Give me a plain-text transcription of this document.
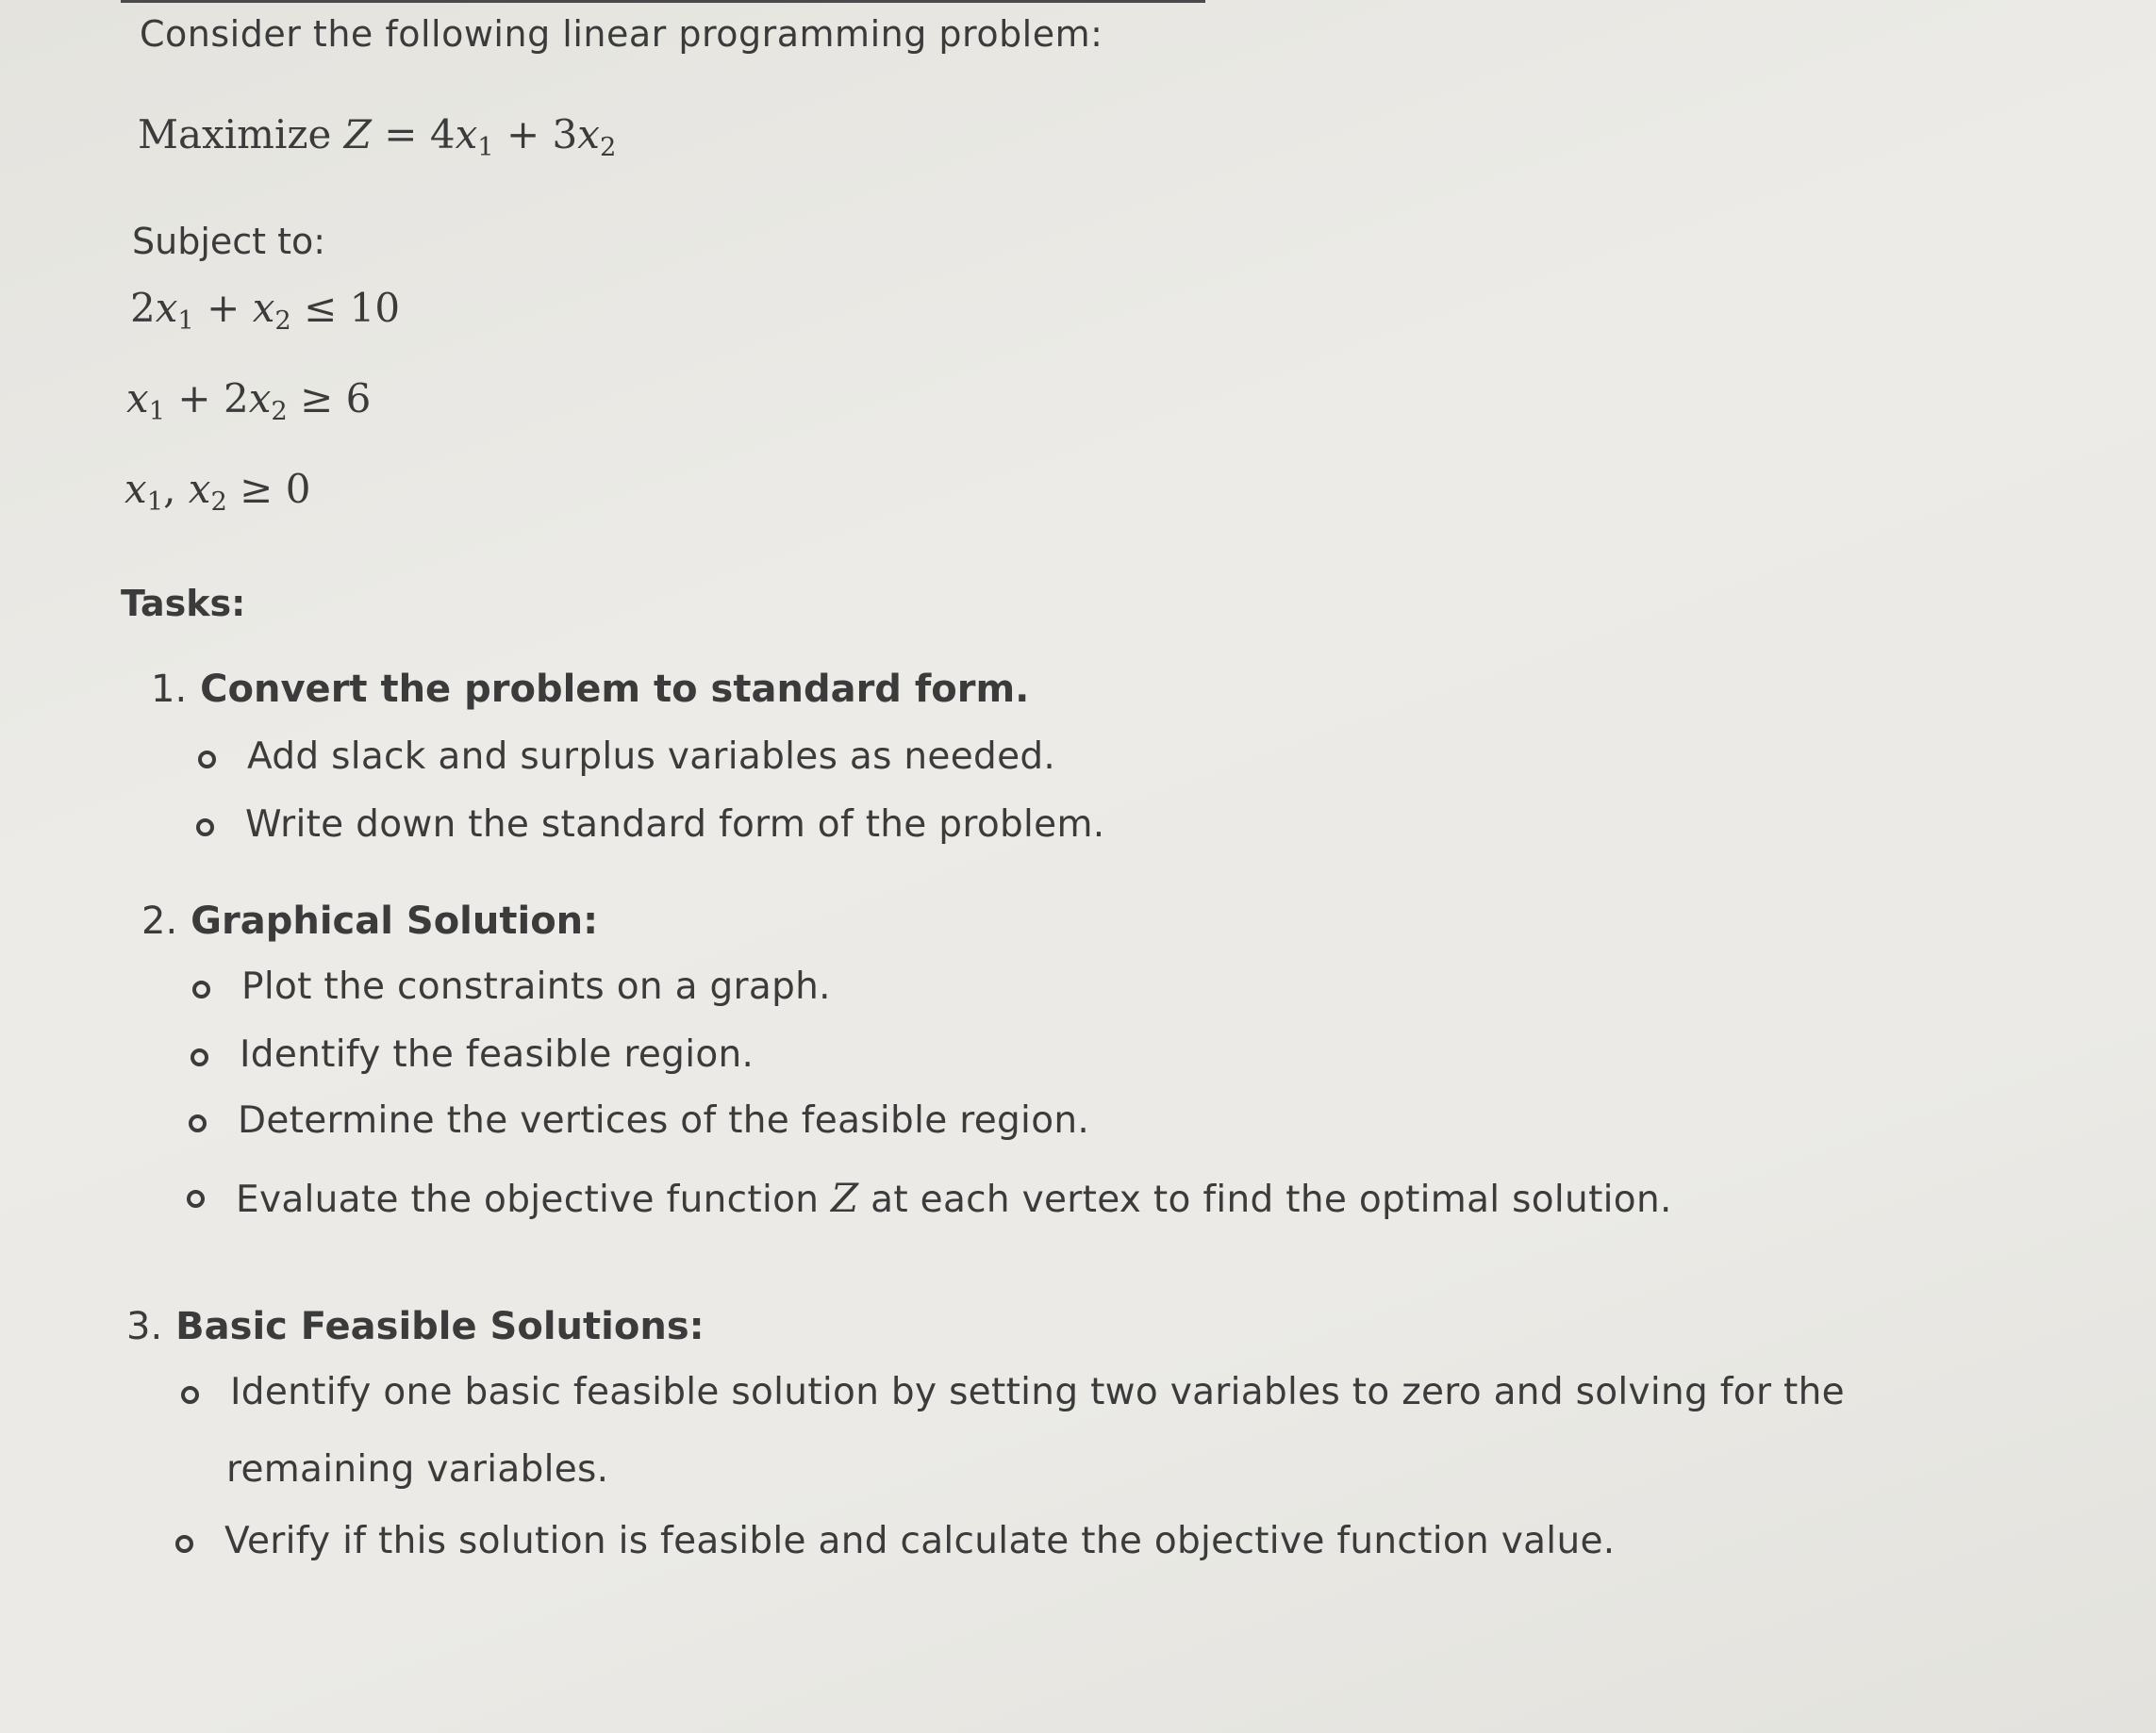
Consider the following linear programming problem:
Maximize $Z = 4x_1 + 3x_2$
Subject to:
$2x_1 + x_2 \le 10$
$x_1 + 2x_2 \ge 6$
$x_1$, $x_2 \ge 0$
Tasks:
1. Convert the problem to standard form.
Add slack and surplus variables as needed.
Write down the standard form of the problem.
2. Graphical Solution:
Plot the constraints on a graph.
Identify the feasible region.
Determine the vertices of the feasible region.
Evaluate the objective function Z at each vertex to find the optimal solution.
3. Basic Feasible Solutions:
Identify one basic feasible solution by setting two variables to zero and solving for the
remaining variables.
Verify if this solution is feasible and calculate the objective function value.
